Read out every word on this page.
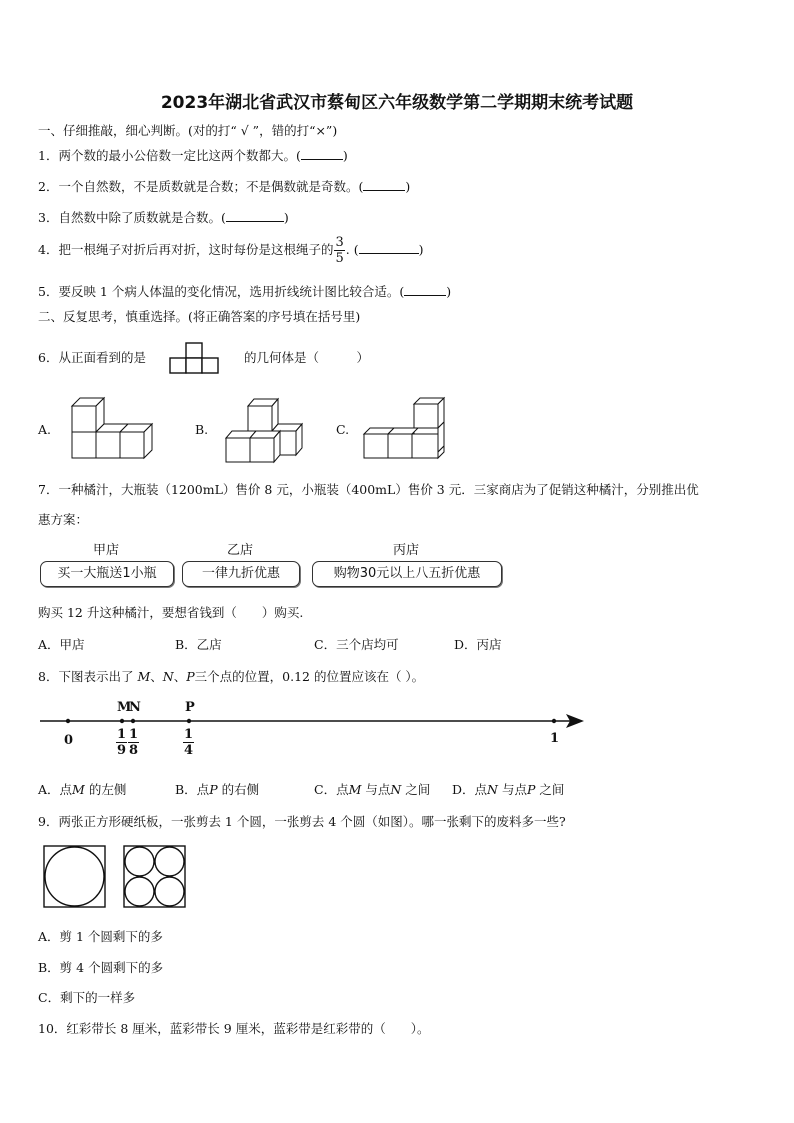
2023年湖北省武汉市蔡甸区六年级数学第二学期期末统考试题
一、仔细推敲，细心判断。(对的打“ √ ”，错的打“×”)
1．两个数的最小公倍数一定比这两个数都大。(	)
2．一个自然数，不是质数就是合数；不是偶数就是奇数。(	)
3．自然数中除了质数就是合数。(	)
4．把一根绳子对折后再对折，这时每份是这根绳子的 $\frac{3}{5}$ . (	)
5．要反映 1 个病人体温的变化情况，选用折线统计图比较合适。(	)
二、反复思考，慎重选择。(将正确答案的序号填在括号里)
6．从正面看到的是	的几何体是（　　　）
A.	B.	C.
7．一种橘汁，大瓶装（1200mL）售价 8 元，小瓶装（400mL）售价 3 元．三家商店为了促销这种橘汁，分别推出优
惠方案：
甲店	乙店	丙店
买一大瓶送1小瓶	一律九折优惠	购物30元以上八五折优惠
购买 12 升这种橘汁，要想省钱到（　　）购买.
A．甲店	B．乙店	C．三个店均可	D．丙店
8．下图表示出了 M、N、P三个点的位置，0.12 的位置应该在（ ）。
M
N	P
0	1
$\frac{1}{9} \frac{1}{8}$	$\frac{1}{4}$
A．点M 的左侧	B．点P 的右侧	C．点M 与点N 之间 D．点N 与点P 之间
9．两张正方形硬纸板，一张剪去 1 个圆，一张剪去 4 个圆（如图）。哪一张剩下的废料多一些?
A．剪 1 个圆剩下的多
B．剪 4 个圆剩下的多
C．剩下的一样多
10．红彩带长 8 厘米，蓝彩带长 9 厘米，蓝彩带是红彩带的（　　）。
